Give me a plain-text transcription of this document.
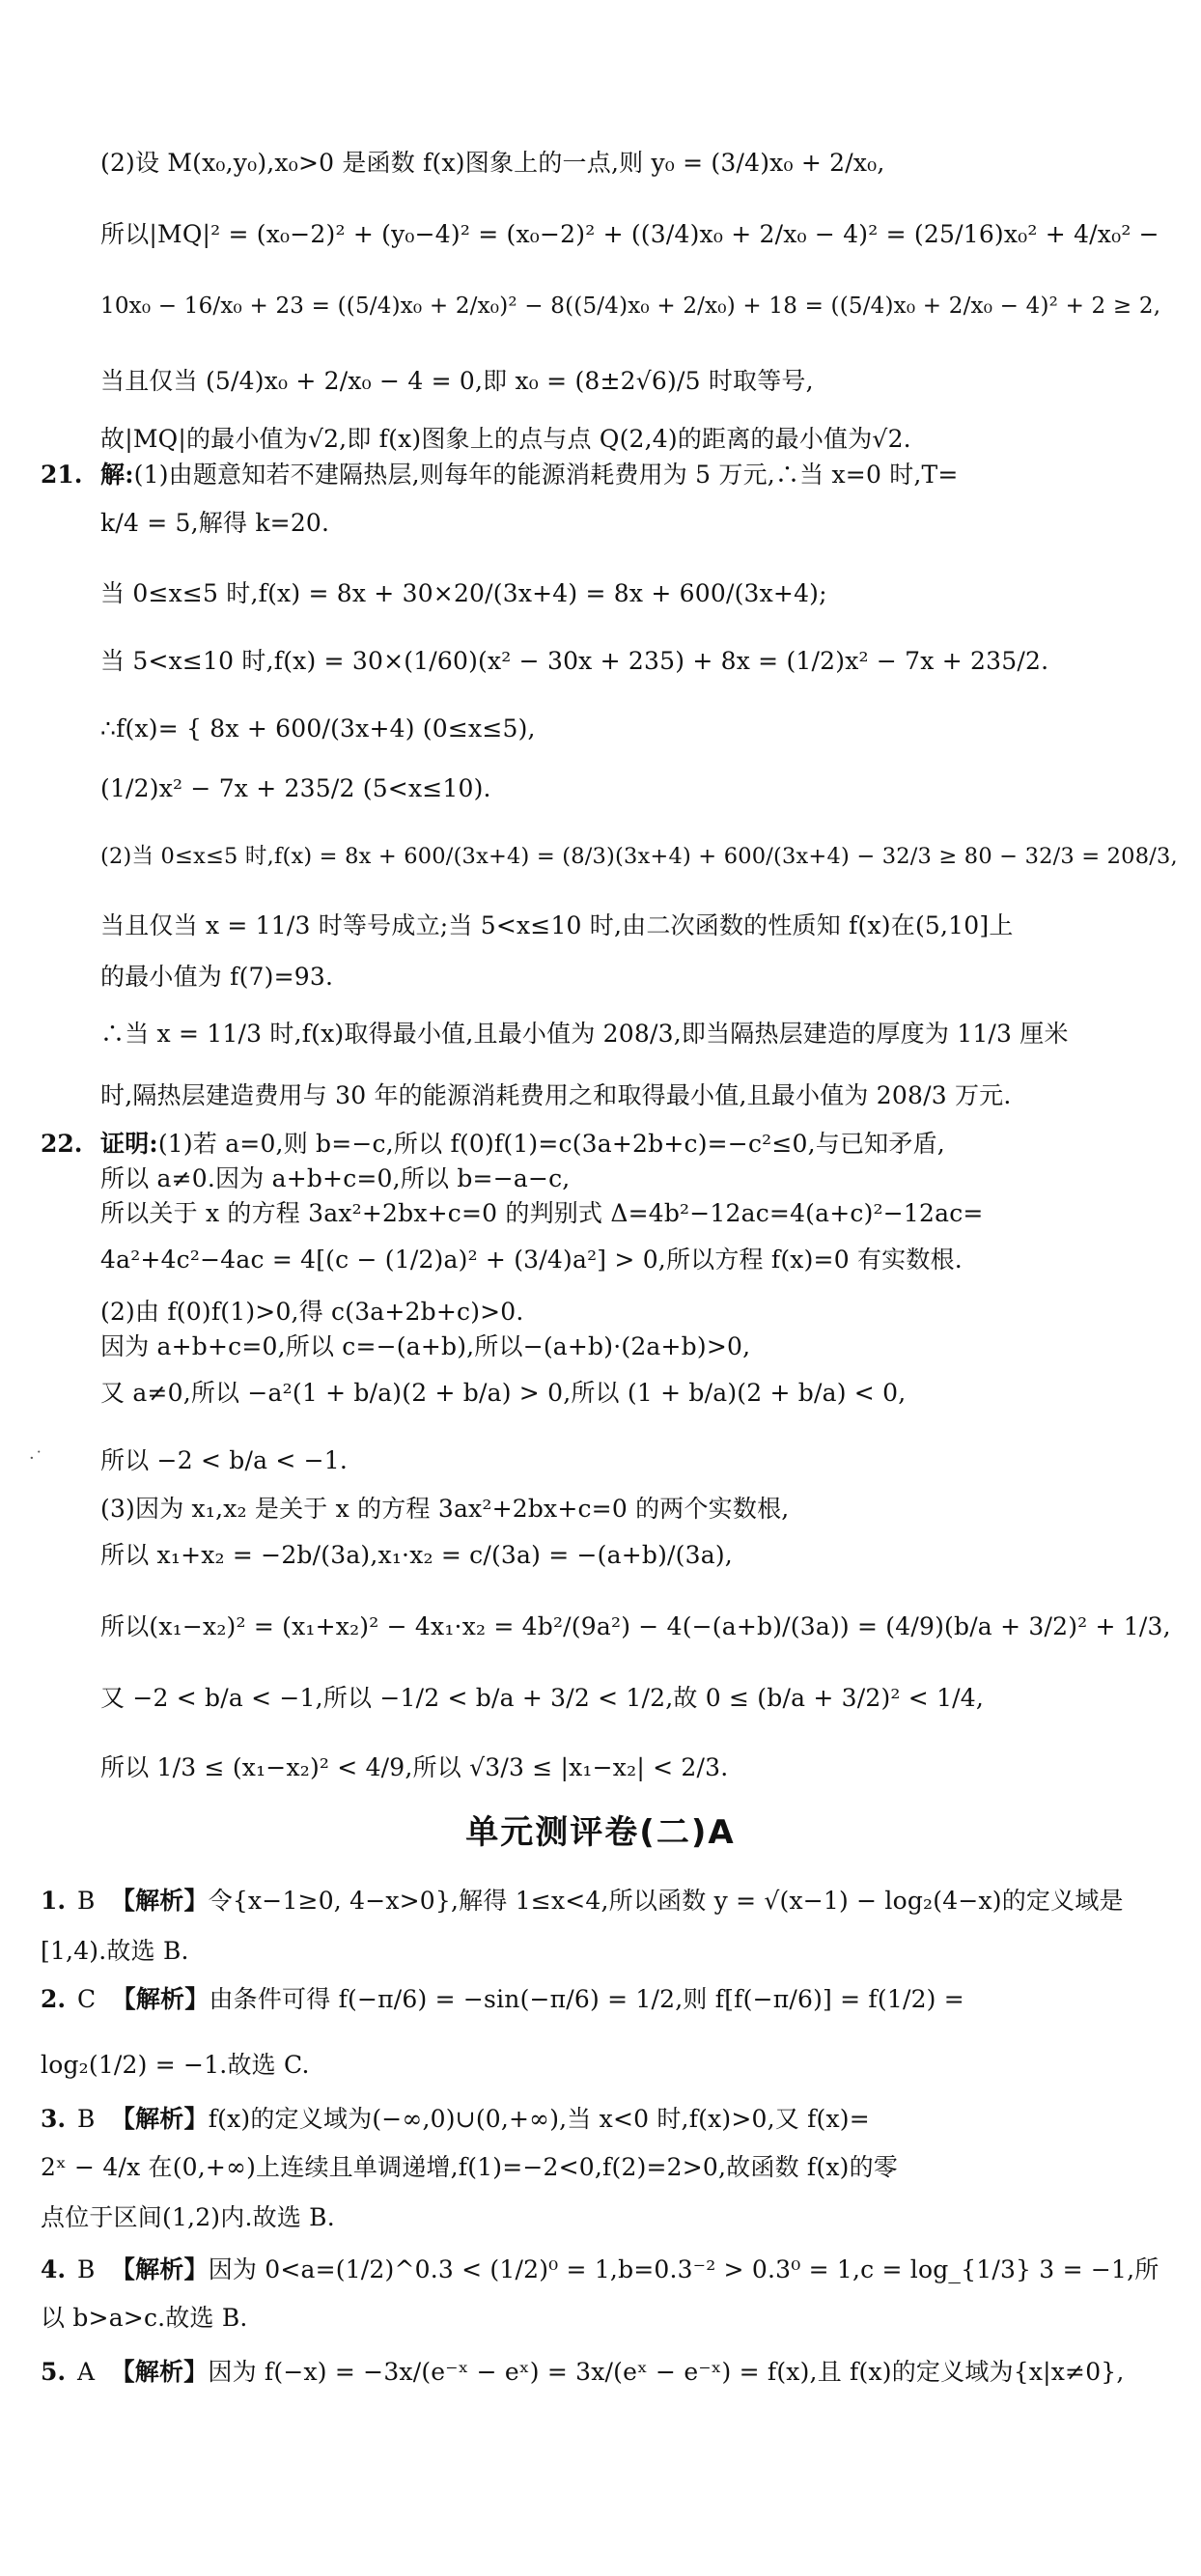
(2)设 M(x₀,y₀),x₀>0 是函数 f(x)图象上的一点,则 y₀ = (3/4)x₀ + 2/x₀,
所以|MQ|² = (x₀−2)² + (y₀−4)² = (x₀−2)² + ((3/4)x₀ + 2/x₀ − 4)² = (25/16)x₀² + 4/x₀² −
10x₀ − 16/x₀ + 23 = ((5/4)x₀ + 2/x₀)² − 8((5/4)x₀ + 2/x₀) + 18 = ((5/4)x₀ + 2/x₀ − 4)² + 2 ≥ 2,
当且仅当 (5/4)x₀ + 2/x₀ − 4 = 0,即 x₀ = (8±2√6)/5 时取等号,
故|MQ|的最小值为√2,即 f(x)图象上的点与点 Q(2,4)的距离的最小值为√2.
21. 解:(1)由题意知若不建隔热层,则每年的能源消耗费用为 5 万元,∴当 x=0 时,T=
k/4 = 5,解得 k=20.
当 0≤x≤5 时,f(x) = 8x + 30×20/(3x+4) = 8x + 600/(3x+4);
当 5<x≤10 时,f(x) = 30×(1/60)(x² − 30x + 235) + 8x = (1/2)x² − 7x + 235/2.
∴f(x)= { 8x + 600/(3x+4) (0≤x≤5),
(1/2)x² − 7x + 235/2 (5<x≤10).
(2)当 0≤x≤5 时,f(x) = 8x + 600/(3x+4) = (8/3)(3x+4) + 600/(3x+4) − 32/3 ≥ 80 − 32/3 = 208/3,
当且仅当 x = 11/3 时等号成立;当 5<x≤10 时,由二次函数的性质知 f(x)在(5,10]上
的最小值为 f(7)=93.
∴当 x = 11/3 时,f(x)取得最小值,且最小值为 208/3,即当隔热层建造的厚度为 11/3 厘米
时,隔热层建造费用与 30 年的能源消耗费用之和取得最小值,且最小值为 208/3 万元.
22. 证明:(1)若 a=0,则 b=−c,所以 f(0)f(1)=c(3a+2b+c)=−c²≤0,与已知矛盾,
所以 a≠0.因为 a+b+c=0,所以 b=−a−c,
所以关于 x 的方程 3ax²+2bx+c=0 的判别式 Δ=4b²−12ac=4(a+c)²−12ac=
4a²+4c²−4ac = 4[(c − (1/2)a)² + (3/4)a²] > 0,所以方程 f(x)=0 有实数根.
(2)由 f(0)f(1)>0,得 c(3a+2b+c)>0.
因为 a+b+c=0,所以 c=−(a+b),所以−(a+b)·(2a+b)>0,
又 a≠0,所以 −a²(1 + b/a)(2 + b/a) > 0,所以 (1 + b/a)(2 + b/a) < 0,
·˙ 所以 −2 < b/a < −1.
(3)因为 x₁,x₂ 是关于 x 的方程 3ax²+2bx+c=0 的两个实数根,
所以 x₁+x₂ = −2b/(3a),x₁·x₂ = c/(3a) = −(a+b)/(3a),
所以(x₁−x₂)² = (x₁+x₂)² − 4x₁·x₂ = 4b²/(9a²) − 4(−(a+b)/(3a)) = (4/9)(b/a + 3/2)² + 1/3,
又 −2 < b/a < −1,所以 −1/2 < b/a + 3/2 < 1/2,故 0 ≤ (b/a + 3/2)² < 1/4,
所以 1/3 ≤ (x₁−x₂)² < 4/9,所以 √3/3 ≤ |x₁−x₂| < 2/3.
单元测评卷(二)A
1. B 【解析】令{x−1≥0, 4−x>0},解得 1≤x<4,所以函数 y = √(x−1) − log₂(4−x)的定义域是
[1,4).故选 B.
2. C 【解析】由条件可得 f(−π/6) = −sin(−π/6) = 1/2,则 f[f(−π/6)] = f(1/2) =
log₂(1/2) = −1.故选 C.
3. B 【解析】f(x)的定义域为(−∞,0)∪(0,+∞),当 x<0 时,f(x)>0,又 f(x)=
2ˣ − 4/x 在(0,+∞)上连续且单调递增,f(1)=−2<0,f(2)=2>0,故函数 f(x)的零
点位于区间(1,2)内.故选 B.
4. B 【解析】因为 0<a=(1/2)^0.3 < (1/2)⁰ = 1,b=0.3⁻² > 0.3⁰ = 1,c = log_{1/3} 3 = −1,所
以 b>a>c.故选 B.
5. A 【解析】因为 f(−x) = −3x/(e⁻ˣ − eˣ) = 3x/(eˣ − e⁻ˣ) = f(x),且 f(x)的定义域为{x|x≠0},
